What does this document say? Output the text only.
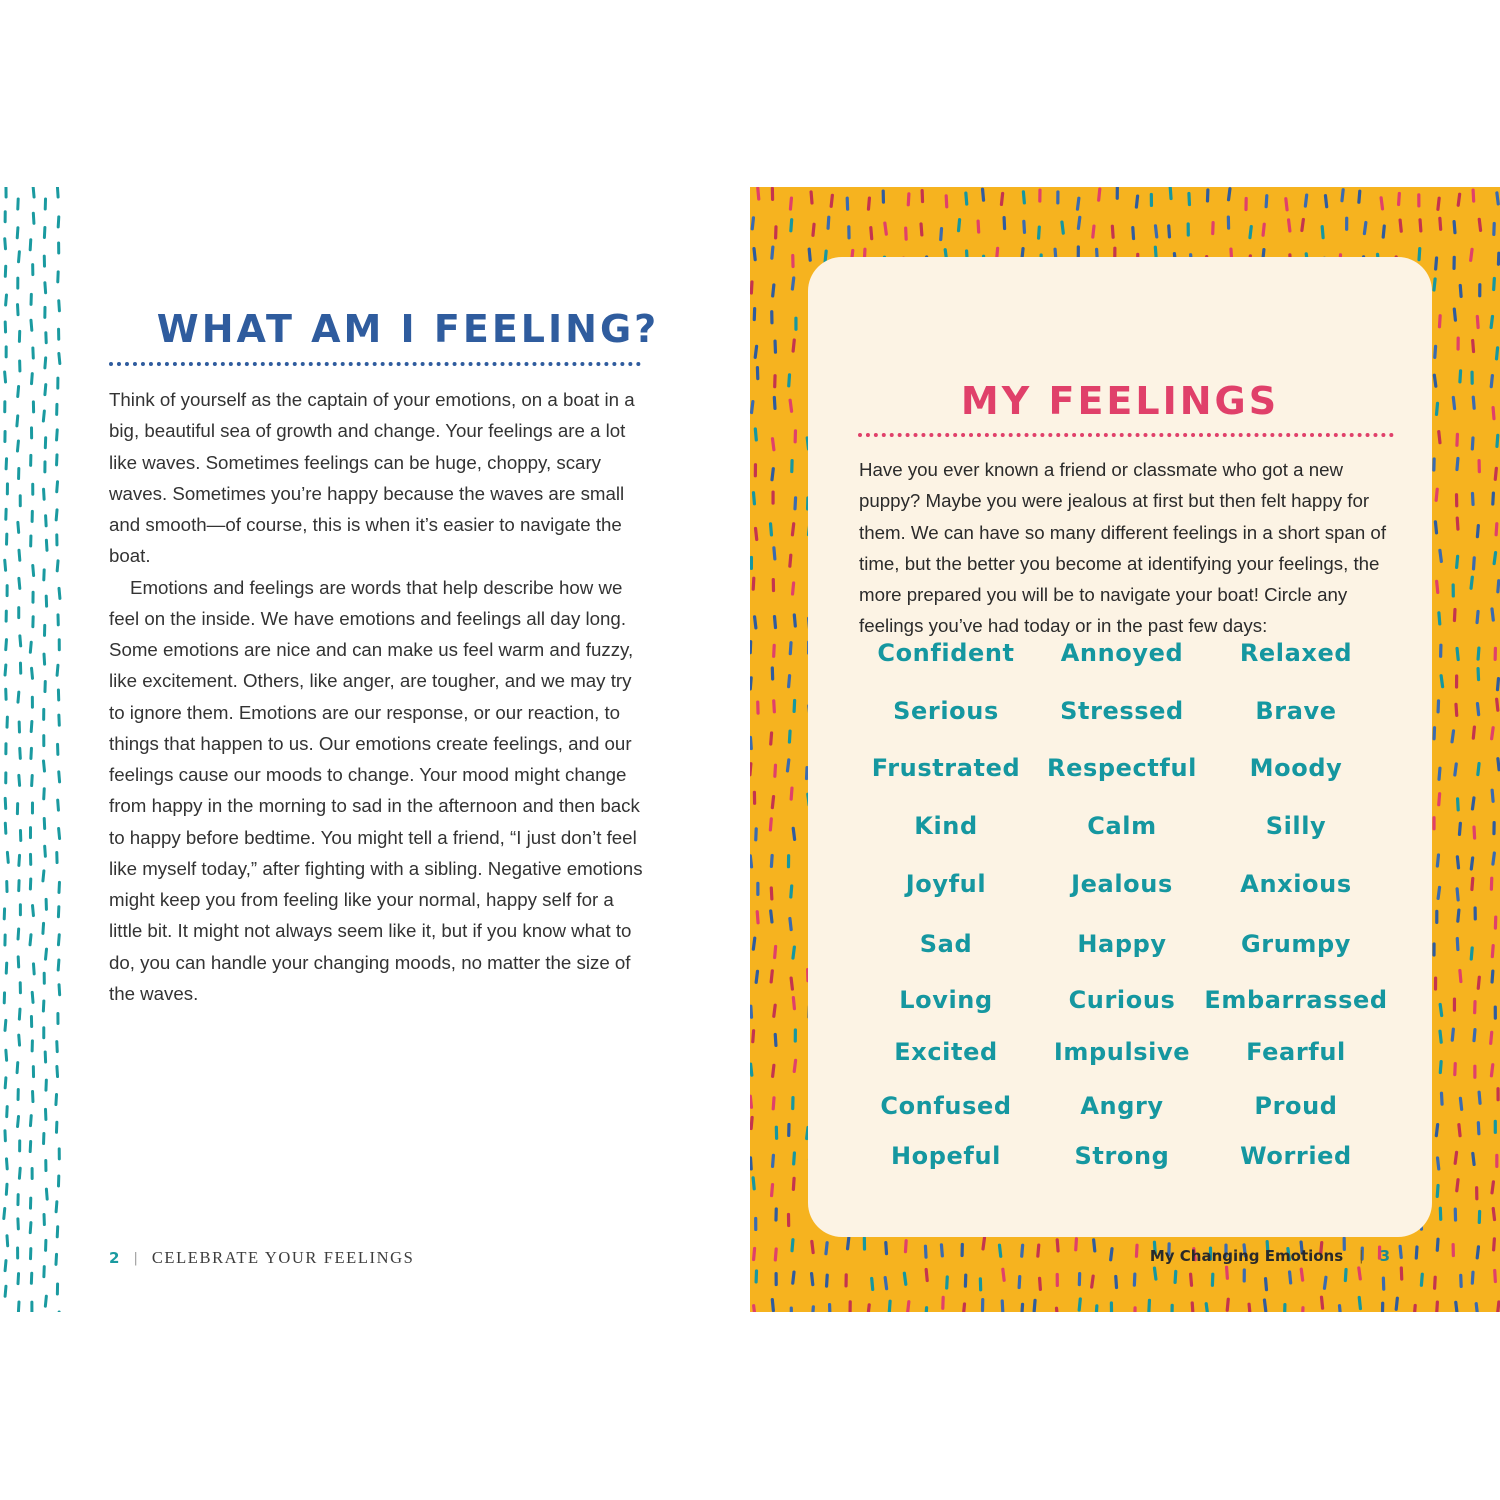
WHAT AM I FEELING?

Think of yourself as the captain of your emotions, on a boat in a big, beautiful sea of growth and change. Your feelings are a lot like waves. Sometimes feelings can be huge, choppy, scary waves. Sometimes you’re happy because the waves are small and smooth—of course, this is when it’s easier to navigate the boat.

Emotions and feelings are words that help describe how we feel on the inside. We have emotions and feelings all day long. Some emotions are nice and can make us feel warm and fuzzy, like excitement. Others, like anger, are tougher, and we may try to ignore them. Emotions are our response, or our reaction, to things that happen to us. Our emotions create feelings, and our feelings cause our moods to change. Your mood might change from happy in the morning to sad in the afternoon and then back to happy before bedtime. You might tell a friend, “I just don’t feel like myself today,” after fighting with a sibling. Negative emotions might keep you from feeling like your normal, happy self for a little bit. It might not always seem like it, but if you know what to do, you can handle your changing moods, no matter the size of the waves.

2 | CELEBRATE YOUR FEELINGS
MY FEELINGS

Have you ever known a friend or classmate who got a new puppy? Maybe you were jealous at first but then felt happy for them. We can have so many different feelings in a short span of time, but the better you become at identifying your feelings, the more prepared you will be to navigate your boat! Circle any feelings you’ve had today or in the past few days:

Confident	Annoyed	Relaxed
Serious	Stressed	Brave
Frustrated	Respectful	Moody
Kind	Calm	Silly
Joyful	Jealous	Anxious
Sad	Happy	Grumpy
Loving	Curious	Embarrassed
Excited	Impulsive	Fearful
Confused	Angry	Proud
Hopeful	Strong	Worried
My Changing Emotions | 3
